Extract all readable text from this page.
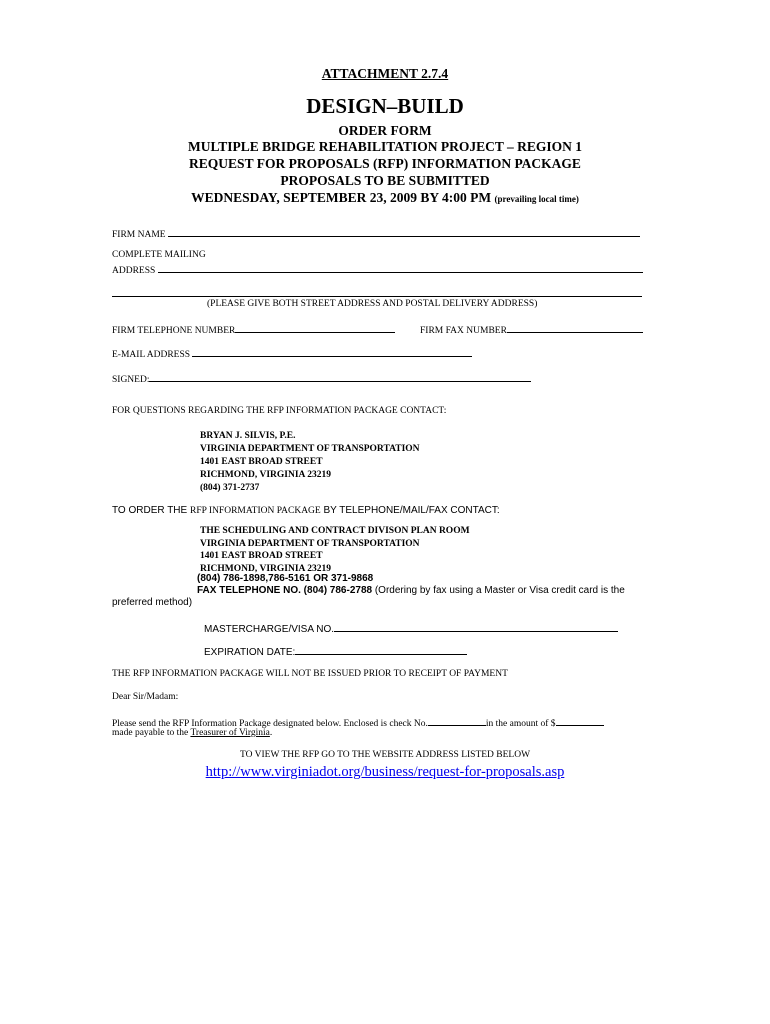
ATTACHMENT 2.7.4
DESIGN–BUILD
ORDER FORM
MULTIPLE BRIDGE REHABILITATION PROJECT – REGION 1
REQUEST FOR PROPOSALS (RFP) INFORMATION PACKAGE
PROPOSALS TO BE SUBMITTED
WEDNESDAY, SEPTEMBER 23, 2009 BY 4:00 PM (prevailing local time)
FIRM NAME
COMPLETE MAILING
ADDRESS
(PLEASE GIVE BOTH STREET ADDRESS AND POSTAL DELIVERY ADDRESS)
FIRM TELEPHONE NUMBER	FIRM FAX NUMBER
E-MAIL ADDRESS
SIGNED:
FOR QUESTIONS REGARDING THE RFP INFORMATION PACKAGE CONTACT:
BRYAN J. SILVIS, P.E.
VIRGINIA DEPARTMENT OF TRANSPORTATION
1401 EAST BROAD STREET
RICHMOND, VIRGINIA 23219
(804) 371-2737
TO ORDER THE RFP INFORMATION PACKAGE BY TELEPHONE/MAIL/FAX CONTACT:
THE SCHEDULING AND CONTRACT DIVISON PLAN ROOM
VIRGINIA DEPARTMENT OF TRANSPORTATION
1401 EAST BROAD STREET
RICHMOND, VIRGINIA 23219
(804) 786-1898,786-5161 OR 371-9868
FAX TELEPHONE NO. (804) 786-2788 (Ordering by fax using a Master or Visa credit card is the
preferred method)
MASTERCHARGE/VISA NO.
EXPIRATION DATE:
THE RFP INFORMATION PACKAGE WILL NOT BE ISSUED PRIOR TO RECEIPT OF PAYMENT
Dear Sir/Madam:
Please send the RFP Information Package designated below. Enclosed is check No.	in the amount of $
made payable to the Treasurer of Virginia.
TO VIEW THE RFP GO TO THE WEBSITE ADDRESS LISTED BELOW
http://www.virginiadot.org/business/request-for-proposals.asp
